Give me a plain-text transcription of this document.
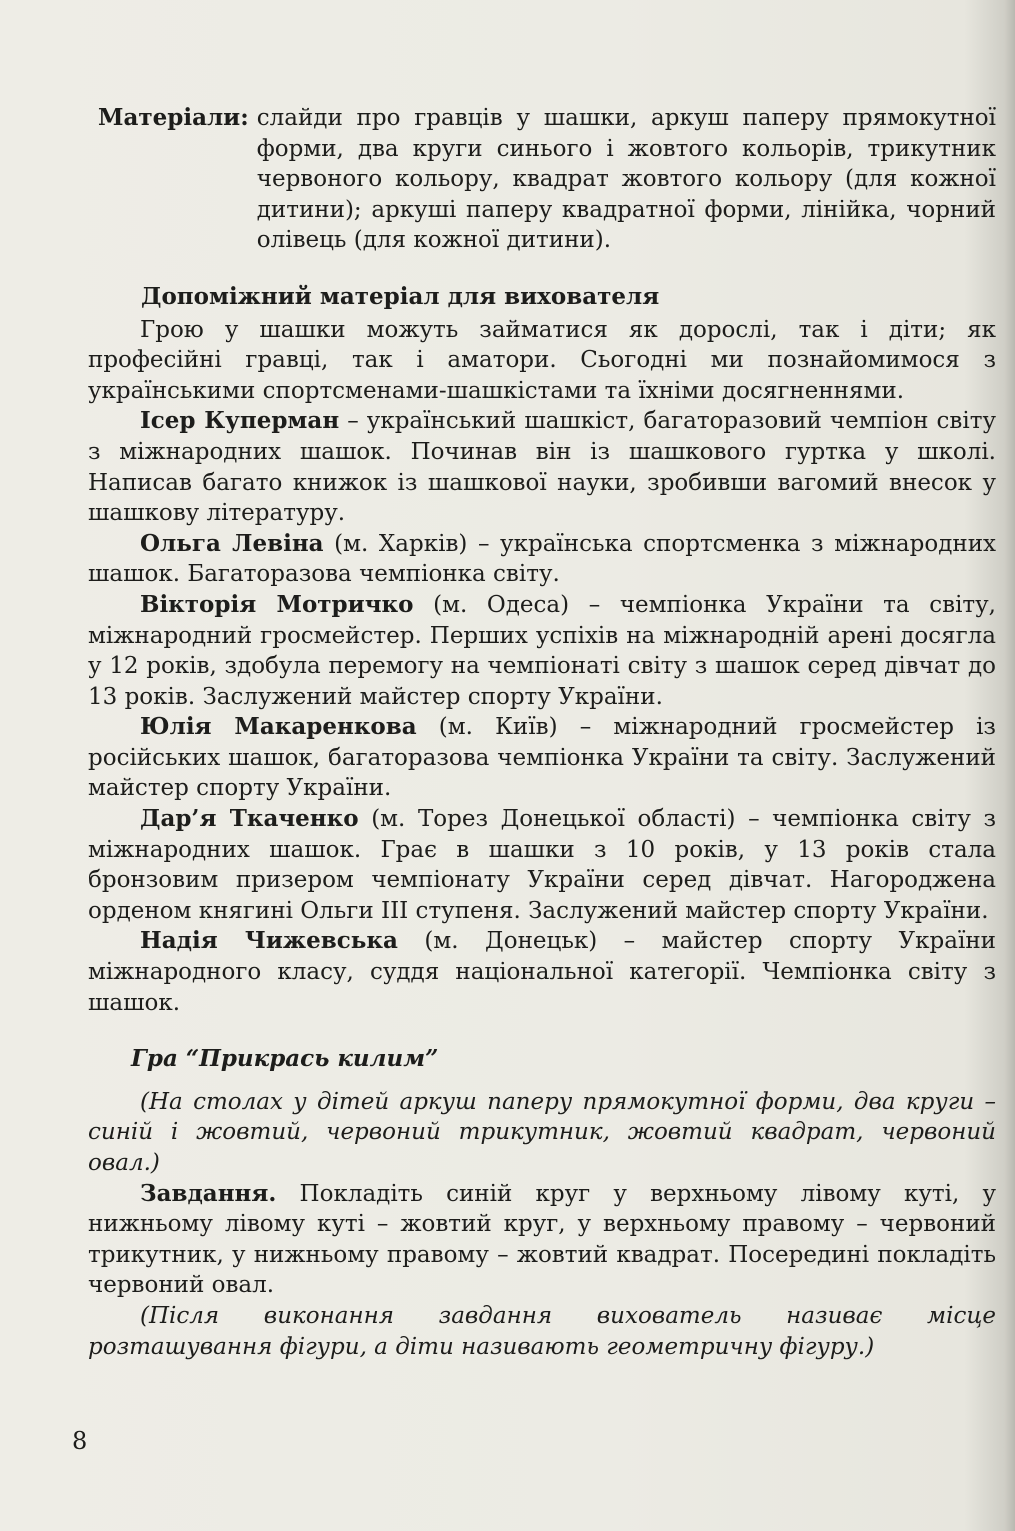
Матеріали: слайди про гравців у шашки, аркуш паперу прямокутної форми, два круги синього і жовтого кольорів, трикутник червоного кольору, квадрат жовтого кольору (для кожної дитини); аркуші паперу квадратної форми, лінійка, чорний олівець (для кожної дитини).
Допоміжний матеріал для вихователя

Грою у шашки можуть займатися як дорослі, так і діти; як професійні гравці, так і аматори. Сьогодні ми познайомимося з українськими спортсменами-шашкістами та їхніми досягненнями.

Ісер Куперман – український шашкіст, багаторазовий чемпіон світу з міжнародних шашок. Починав він із шашкового гуртка у школі. Написав багато книжок із шашкової науки, зробивши вагомий внесок у шашкову літературу.

Ольга Левіна (м. Харків) – українська спортсменка з міжнародних шашок. Багаторазова чемпіонка світу.

Вікторія Мотричко (м. Одеса) – чемпіонка України та світу, міжнародний гросмейстер. Перших успіхів на міжнародній арені досягла у 12 років, здобула перемогу на чемпіонаті світу з шашок серед дівчат до 13 років. Заслужений майстер спорту України.

Юлія Макаренкова (м. Київ) – міжнародний гросмейстер із російських шашок, багаторазова чемпіонка України та світу. Заслужений майстер спорту України.

Дар’я Ткаченко (м. Торез Донецької області) – чемпіонка світу з міжнародних шашок. Грає в шашки з 10 років, у 13 років стала бронзовим призером чемпіонату України серед дівчат. Нагороджена орденом княгині Ольги ІІІ ступеня. Заслужений майстер спорту України.

Надія Чижевська (м. Донецьк) – майстер спорту України міжнародного класу, суддя національної категорії. Чемпіонка світу з шашок.

Гра “Прикрась килим”

(На столах у дітей аркуш паперу прямокутної форми, два круги – синій і жовтий, червоний трикутник, жовтий квадрат, червоний овал.)

Завдання. Покладіть синій круг у верхньому лівому куті, у нижньому лівому куті – жовтий круг, у верхньому правому – червоний трикутник, у нижньому правому – жовтий квадрат. Посередині покладіть червоний овал.

(Після виконання завдання вихователь називає місце розташування фігури, а діти називають геометричну фігуру.)

8
